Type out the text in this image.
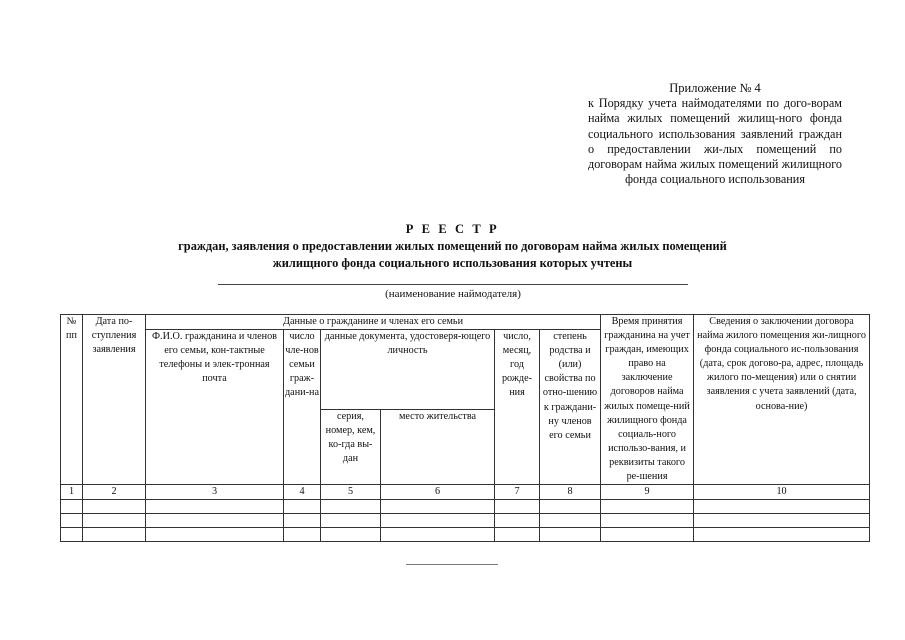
Приложение № 4
к Порядку учета наймодателями по дого-ворам найма жилых помещений жилищ-ного фонда социального использования заявлений граждан о предоставлении жи-лых помещений по договорам найма жилых помещений жилищного фонда социального использования
Р Е Е С Т Р
граждан, заявления о предоставлении жилых помещений по договорам найма жилых помещений
жилищного фонда социального использования которых учтены
(наименование наймодателя)
№ пп	Дата по-ступления заявления	Данные о гражданине и членах его семьи						Время принятия гражданина на учет граждан, имеющих право на заключение договоров найма жилых помеще-ний жилищного фонда социаль-ного использо-вания, и реквизиты такого ре-шения	Сведения о заключении договора найма жилого помещения жи-лищного фонда социального ис-пользования (дата, срок догово-ра, адрес, площадь жилого по-мещения) или о снятии заявления с учета заявлений (дата, основа-ние)
		Ф.И.О. гражданина и членов его семьи, кон-тактные телефоны и элек-тронная почта	число чле-нов семьи граж-дани-на	данные документа, удостоверя-ющего личность		число, месяц, год рожде-ния	степень родства и (или) свойства по отно-шению к граждани-ну членов его семьи		
				серия, номер, кем, ко-гда вы-дан	место жительства				
1	2	3	4	5	6	7	8	9	10
